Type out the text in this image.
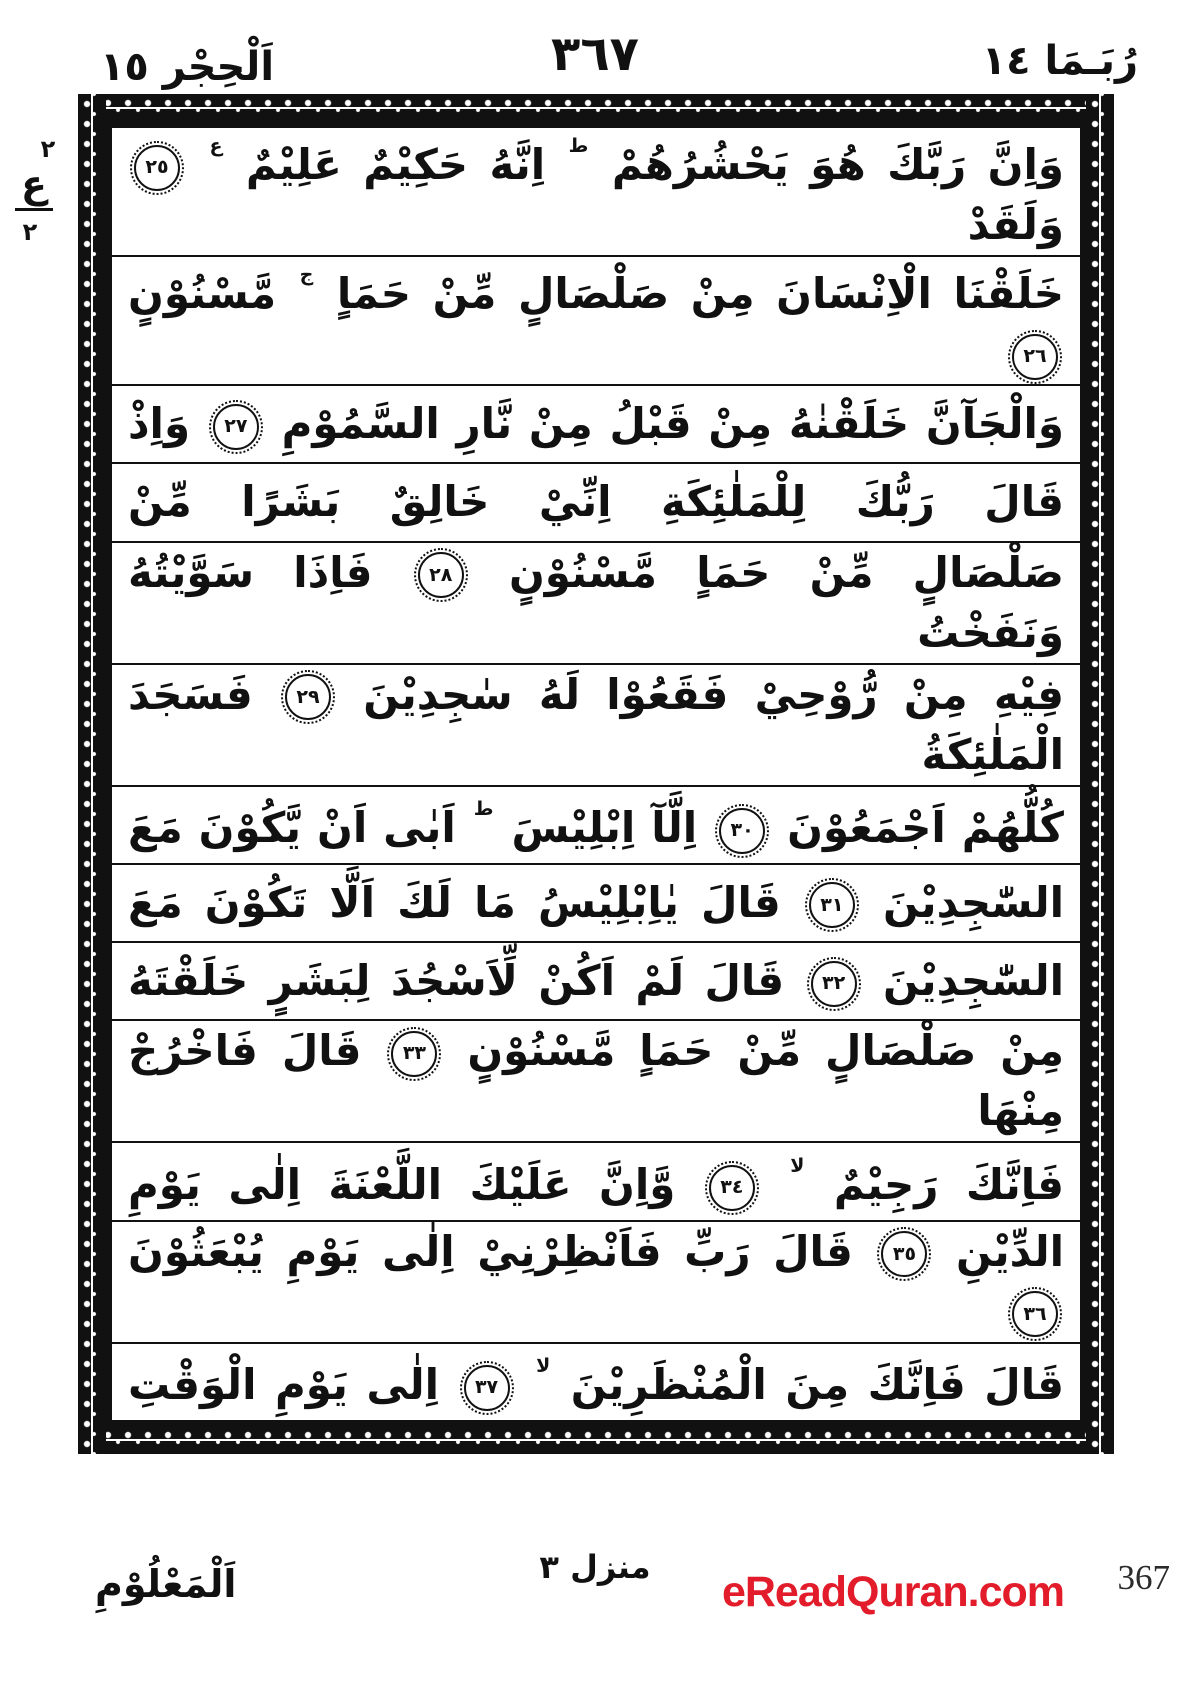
اَلْحِجْر ١٥	٣٦٧	رُبَـمَا ١٤
٢
ع
٢
وَاِنَّ رَبَّكَ هُوَ يَحْشُرُهُمْ $^ط$ اِنَّهُ حَكِيْمٌ عَلِيْمٌ $^ع$ ٢٥ وَلَقَدْ
خَلَقْنَا الْاِنْسَانَ مِنْ صَلْصَالٍ مِّنْ حَمَاٍ $^ج$ مَّسْنُوْنٍ ٢٦
وَالْجَآنَّ خَلَقْنٰهُ مِنْ قَبْلُ مِنْ نَّارِ السَّمُوْمِ ٢٧ وَاِذْ
قَالَ رَبُّكَ لِلْمَلٰئِكَةِ اِنِّيْ خَالِقٌ بَشَرًا مِّنْ
صَلْصَالٍ مِّنْ حَمَاٍ مَّسْنُوْنٍ ٢٨ فَاِذَا سَوَّيْتُهُ وَنَفَخْتُ
فِيْهِ مِنْ رُّوْحِيْ فَقَعُوْا لَهُ سٰجِدِيْنَ ٢٩ فَسَجَدَ الْمَلٰئِكَةُ
كُلُّهُمْ اَجْمَعُوْنَ ٣٠ اِلَّآ اِبْلِيْسَ $^ط$ اَبٰى اَنْ يَّكُوْنَ مَعَ
السّٰجِدِيْنَ ٣١ قَالَ يٰاِبْلِيْسُ مَا لَكَ اَلَّا تَكُوْنَ مَعَ
السّٰجِدِيْنَ ٣٢ قَالَ لَمْ اَكُنْ لِّاَسْجُدَ لِبَشَرٍ خَلَقْتَهُ
مِنْ صَلْصَالٍ مِّنْ حَمَاٍ مَّسْنُوْنٍ ٣٣ قَالَ فَاخْرُجْ مِنْهَا
فَاِنَّكَ رَجِيْمٌ $^{لا}$ ٣٤ وَّاِنَّ عَلَيْكَ اللَّعْنَةَ اِلٰى يَوْمِ
الدِّيْنِ ٣٥ قَالَ رَبِّ فَاَنْظِرْنِيْ اِلٰى يَوْمِ يُبْعَثُوْنَ ٣٦
قَالَ فَاِنَّكَ مِنَ الْمُنْظَرِيْنَ $^{لا}$ ٣٧ اِلٰى يَوْمِ الْوَقْتِ
اَلْمَعْلُوْمِ	منزل ٣
eReadQuran.com 367
